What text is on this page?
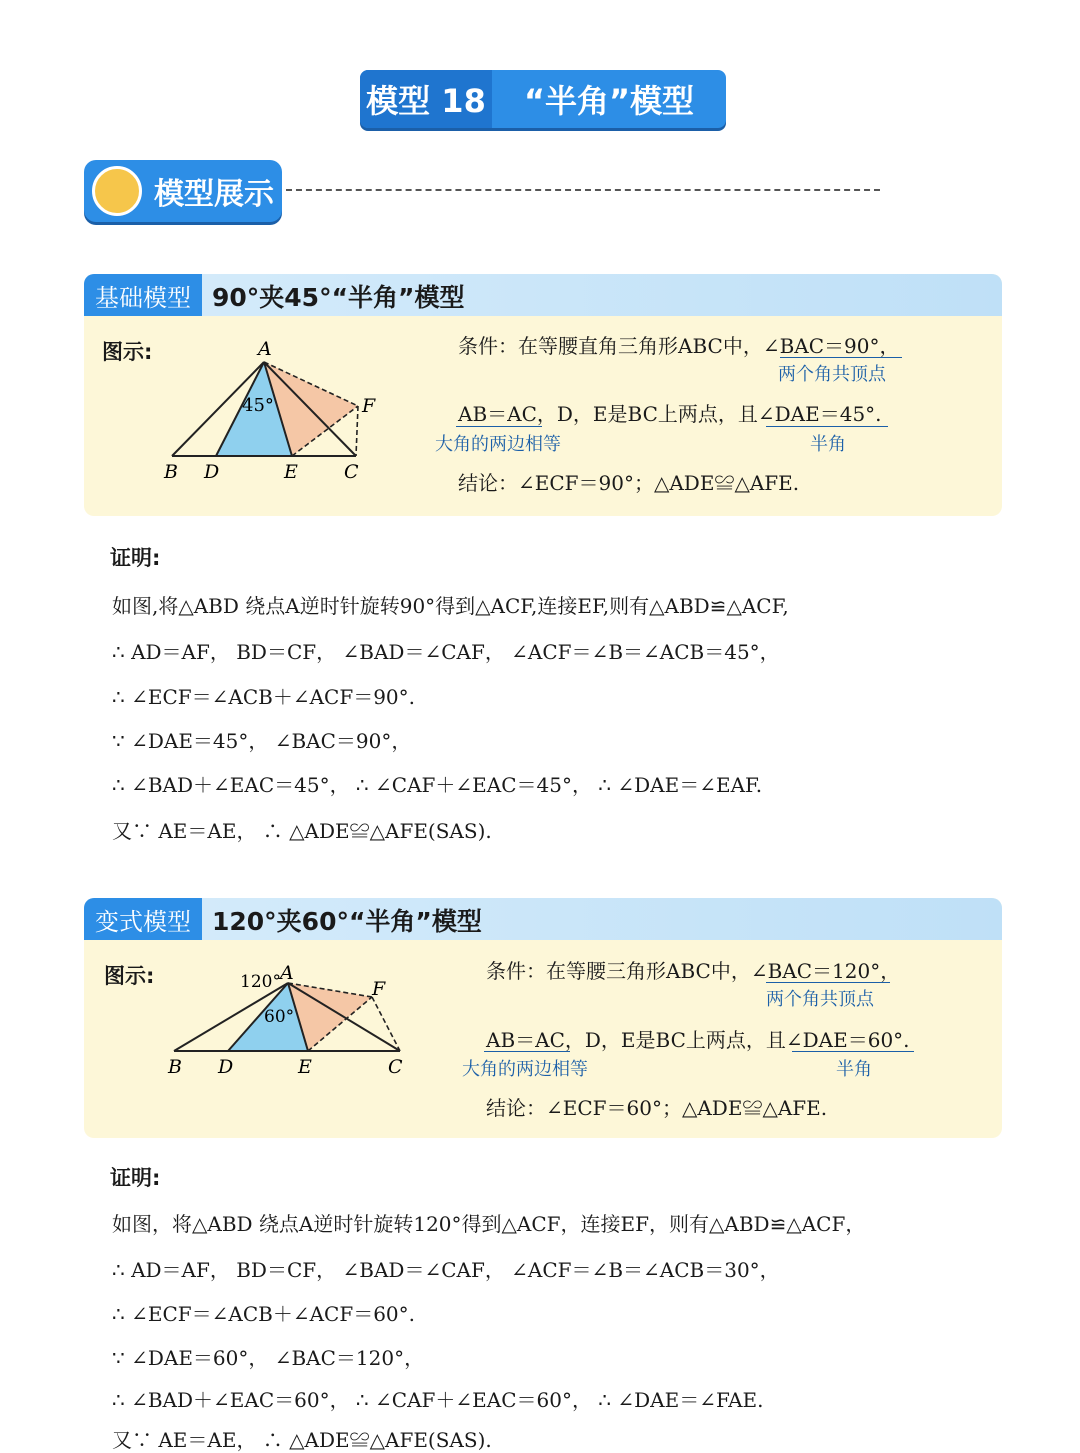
模型 18	“半角”模型
模型展示
基础模型 90°夹45°“半角”模型
图示:	A
B D	E C
F
45°
条件：在等腰直角三角形ABC中，∠BAC＝90°，
两个角共顶点
AB＝AC，D，E是BC上两点，且∠DAE＝45°.
大角的两边相等	半角
结论：∠ECF＝90°；△ADE≌△AFE.
证明:
如图,将△ABD 绕点A逆时针旋转90°得到△ACF,连接EF,则有△ABD≌△ACF,
∴ AD＝AF， BD＝CF， ∠BAD＝∠CAF， ∠ACF＝∠B＝∠ACB＝45°，
∴ ∠ECF＝∠ACB＋∠ACF＝90°.
∵ ∠DAE＝45°， ∠BAC＝90°，
∴ ∠BAD＋∠EAC＝45°， ∴ ∠CAF＋∠EAC＝45°， ∴ ∠DAE＝∠EAF.
又∵ AE＝AE， ∴ △ADE≌△AFE(SAS).
变式模型 120°夹60°“半角”模型
图示:	A
B D	E	C
F
120°
60°
条件：在等腰三角形ABC中，∠BAC＝120°，
两个角共顶点
AB＝AC，D，E是BC上两点，且∠DAE＝60°.
大角的两边相等	半角
结论：∠ECF＝60°；△ADE≌△AFE.
证明:
如图，将△ABD 绕点A逆时针旋转120°得到△ACF，连接EF，则有△ABD≌△ACF，
∴ AD＝AF， BD＝CF， ∠BAD＝∠CAF， ∠ACF＝∠B＝∠ACB＝30°，
∴ ∠ECF＝∠ACB＋∠ACF＝60°.
∵ ∠DAE＝60°， ∠BAC＝120°，
∴ ∠BAD＋∠EAC＝60°， ∴ ∠CAF＋∠EAC＝60°， ∴ ∠DAE＝∠FAE.
又∵ AE＝AE， ∴ △ADE≌△AFE(SAS).
